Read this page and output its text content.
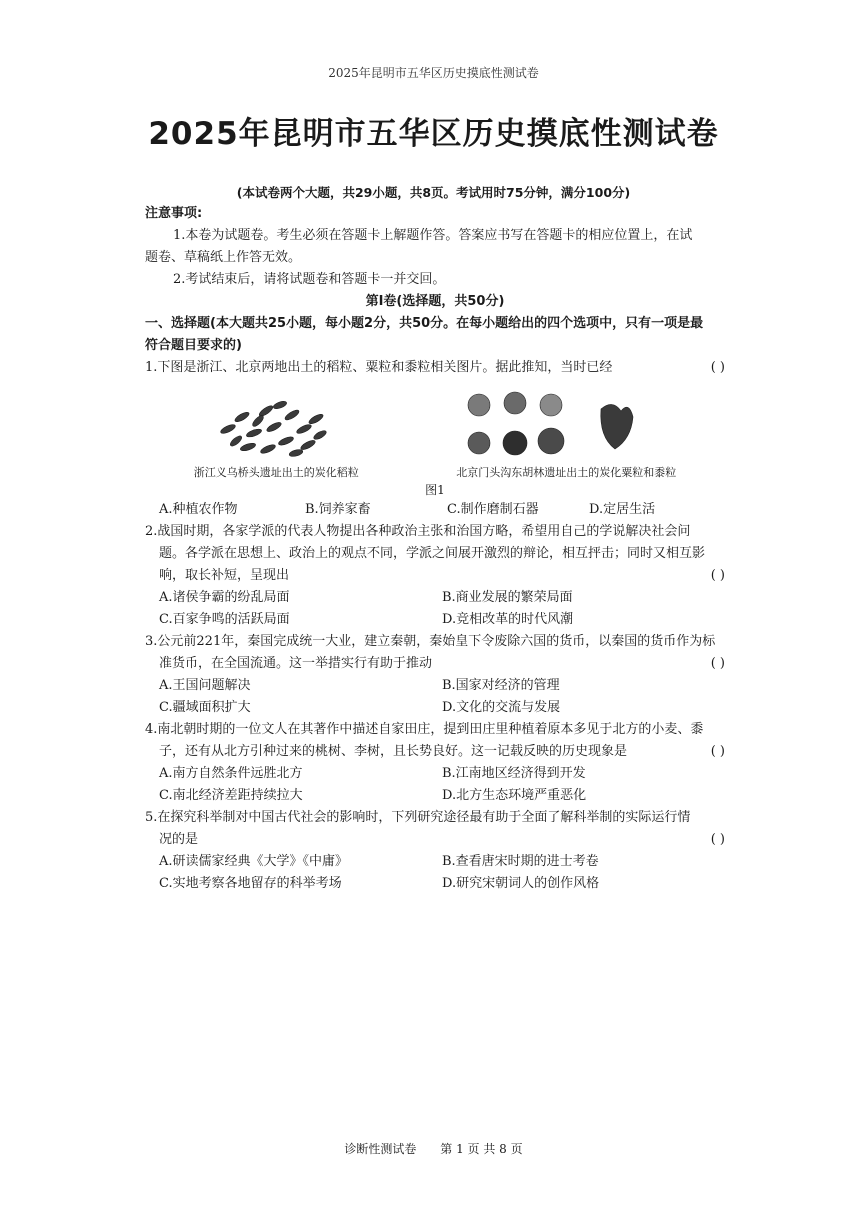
2025年昆明市五华区历史摸底性测试卷
2025年昆明市五华区历史摸底性测试卷
(本试卷两个大题，共29小题，共8页。考试用时75分钟，满分100分)
注意事项:
1.本卷为试题卷。考生必须在答题卡上解题作答。答案应书写在答题卡的相应位置上，在试
题卷、草稿纸上作答无效。
2.考试结束后，请将试题卷和答题卡一并交回。
第Ⅰ卷(选择题，共50分)
一、选择题(本大题共25小题，每小题2分，共50分。在每小题给出的四个选项中，只有一项是最
符合题目要求的)
1.下图是浙江、北京两地出土的稻粒、粟粒和黍粒相关图片。据此推知，当时已经	( )
浙江义乌桥头遗址出土的炭化稻粒	北京门头沟东胡林遗址出土的炭化粟粒和黍粒
图1
A.种植农作物	B.饲养家畜	C.制作磨制石器	D.定居生活
2.战国时期，各家学派的代表人物提出各种政治主张和治国方略，希望用自己的学说解决社会问
题。各学派在思想上、政治上的观点不同，学派之间展开激烈的辩论，相互抨击；同时又相互影
响，取长补短，呈现出	( )
A.诸侯争霸的纷乱局面	B.商业发展的繁荣局面
C.百家争鸣的活跃局面	D.竞相改革的时代风潮
3.公元前221年，秦国完成统一大业，建立秦朝，秦始皇下令废除六国的货币，以秦国的货币作为标
准货币，在全国流通。这一举措实行有助于推动	( )
A.王国问题解决	B.国家对经济的管理
C.疆域面积扩大	D.文化的交流与发展
4.南北朝时期的一位文人在其著作中描述自家田庄，提到田庄里种植着原本多见于北方的小麦、黍
子，还有从北方引种过来的桃树、李树，且长势良好。这一记载反映的历史现象是	( )
A.南方自然条件远胜北方	B.江南地区经济得到开发
C.南北经济差距持续拉大	D.北方生态环境严重恶化
5.在探究科举制对中国古代社会的影响时，下列研究途径最有助于全面了解科举制的实际运行情
况的是	( )
A.研读儒家经典《大学》《中庸》	B.查看唐宋时期的进士考卷
C.实地考察各地留存的科举考场	D.研究宋朝词人的创作风格
诊断性测试卷 第 1 页 共 8 页
